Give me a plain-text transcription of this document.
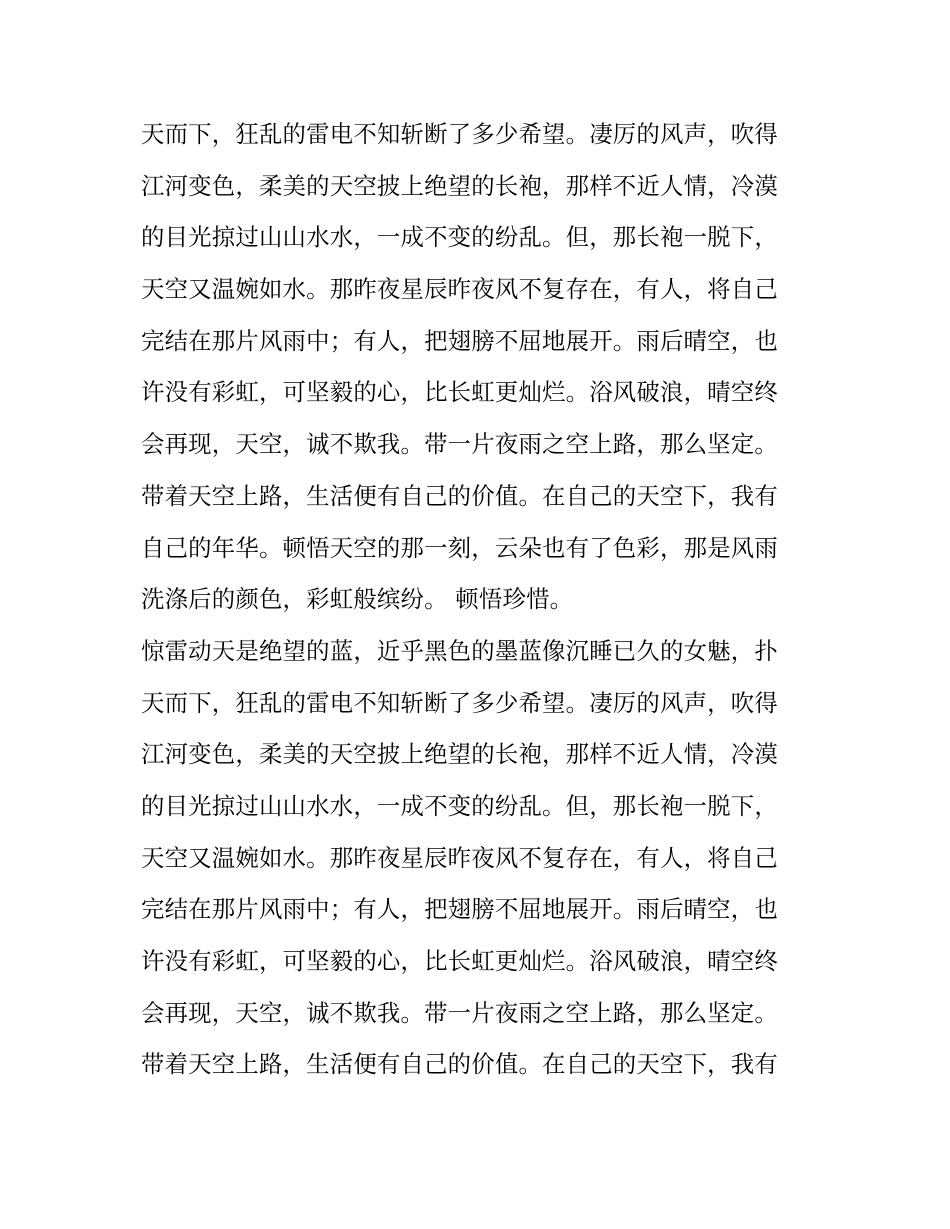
天而下，狂乱的雷电不知斩断了多少希望。凄厉的风声，吹得
江河变色，柔美的天空披上绝望的长袍，那样不近人情，冷漠
的目光掠过山山水水，一成不变的纷乱。但，那长袍一脱下，
天空又温婉如水。那昨夜星辰昨夜风不复存在，有人，将自己
完结在那片风雨中；有人，把翅膀不屈地展开。雨后晴空，也
许没有彩虹，可坚毅的心，比长虹更灿烂。浴风破浪，晴空终
会再现，天空，诚不欺我。带一片夜雨之空上路，那么坚定。
带着天空上路，生活便有自己的价值。在自己的天空下，我有
自己的年华。顿悟天空的那一刻，云朵也有了色彩，那是风雨
洗涤后的颜色，彩虹般缤纷。 顿悟珍惜。
惊雷动天是绝望的蓝，近乎黑色的墨蓝像沉睡已久的女魅，扑
天而下，狂乱的雷电不知斩断了多少希望。凄厉的风声，吹得
江河变色，柔美的天空披上绝望的长袍，那样不近人情，冷漠
的目光掠过山山水水，一成不变的纷乱。但，那长袍一脱下，
天空又温婉如水。那昨夜星辰昨夜风不复存在，有人，将自己
完结在那片风雨中；有人，把翅膀不屈地展开。雨后晴空，也
许没有彩虹，可坚毅的心，比长虹更灿烂。浴风破浪，晴空终
会再现，天空，诚不欺我。带一片夜雨之空上路，那么坚定。
带着天空上路，生活便有自己的价值。在自己的天空下，我有
